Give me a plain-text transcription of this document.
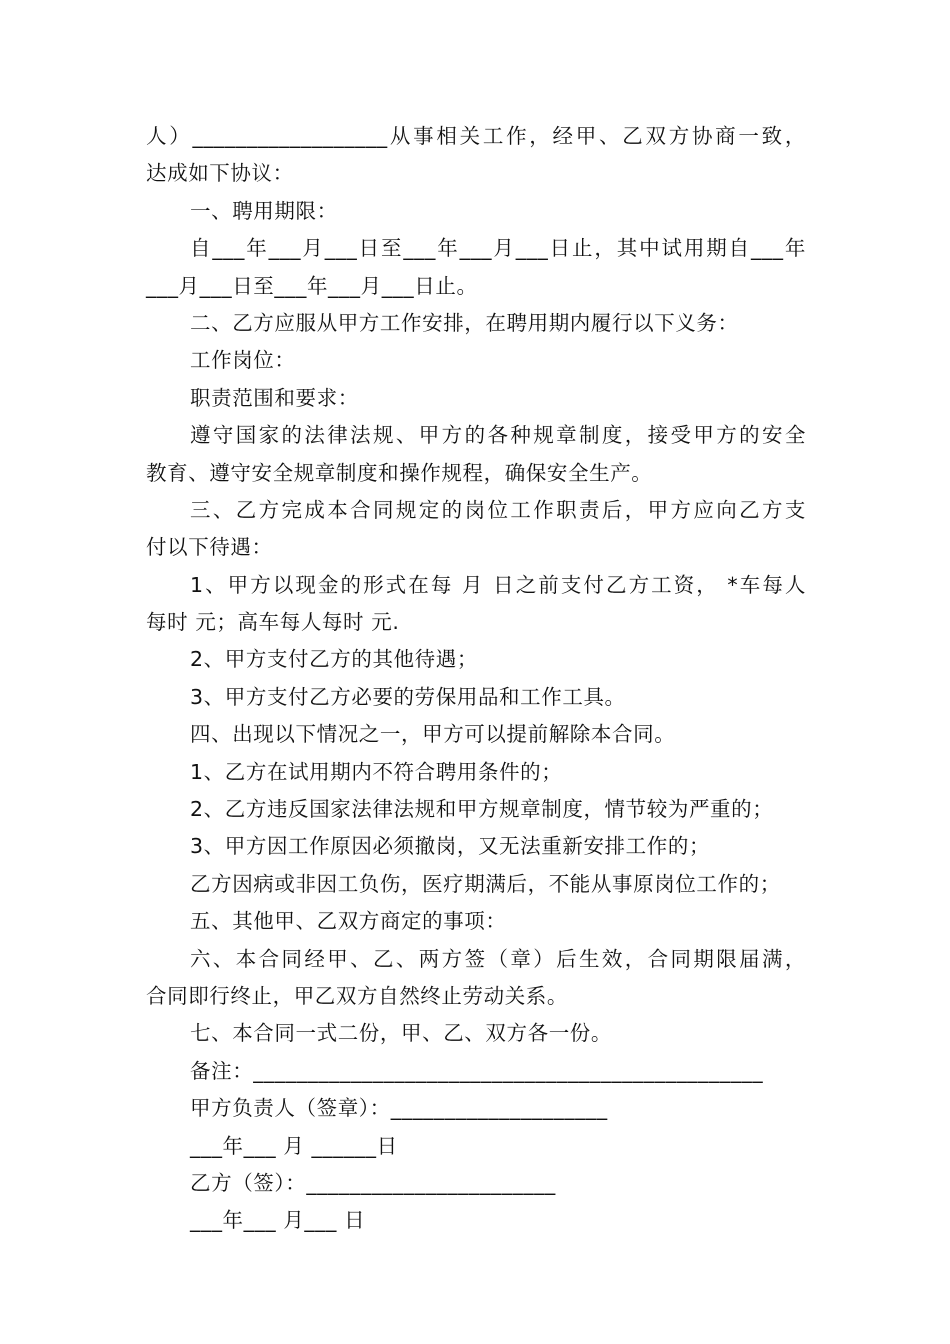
人）__________________从事相关工作，经甲、乙双方协商一致，
达成如下协议：
一、聘用期限：
自___年___月___日至___年___月___日止，其中试用期自___年
___月___日至___年___月___日止。
二、乙方应服从甲方工作安排，在聘用期内履行以下义务：
工作岗位：
职责范围和要求：
遵守国家的法律法规、甲方的各种规章制度，接受甲方的安全
教育、遵守安全规章制度和操作规程，确保安全生产。
三、乙方完成本合同规定的岗位工作职责后，甲方应向乙方支
付以下待遇：
1、甲方以现金的形式在每 月 日之前支付乙方工资， *车每人
每时 元；高车每人每时 元.
2、甲方支付乙方的其他待遇；
3、甲方支付乙方必要的劳保用品和工作工具。
四、出现以下情况之一，甲方可以提前解除本合同。
1、乙方在试用期内不符合聘用条件的；
2、乙方违反国家法律法规和甲方规章制度，情节较为严重的；
3、甲方因工作原因必须撤岗，又无法重新安排工作的；
乙方因病或非因工负伤，医疗期满后，不能从事原岗位工作的；
五、其他甲、乙双方商定的事项：
六、本合同经甲、乙、两方签（章）后生效，合同期限届满，
合同即行终止，甲乙双方自然终止劳动关系。
七、本合同一式二份，甲、乙、双方各一份。
备注：_______________________________________________
甲方负责人（签章）：____________________
___年___ 月 ______日
乙方（签）：_______________________
___年___ 月___ 日
